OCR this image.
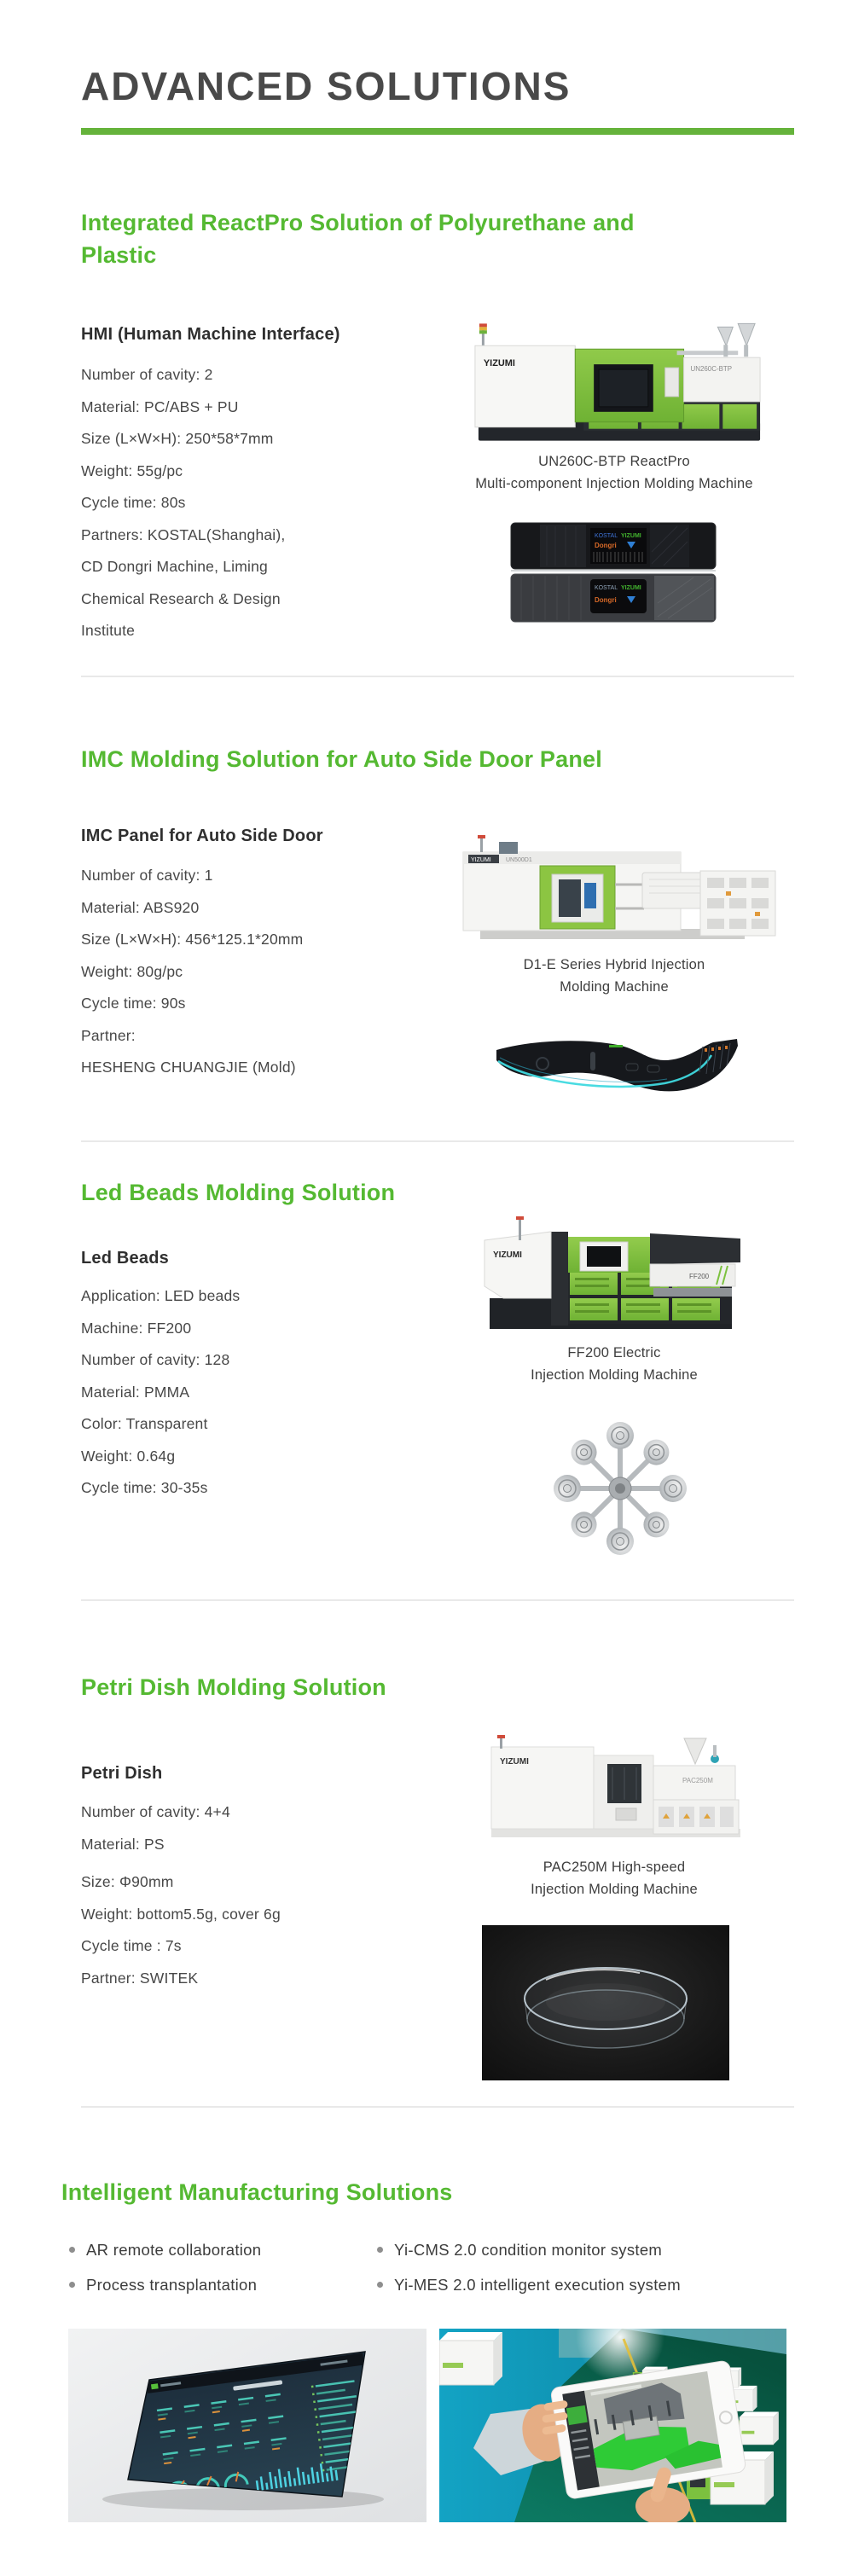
ADVANCED SOLUTIONS
Integrated ReactPro Solution of Polyurethane and Plastic
HMI (Human Machine Interface)
Number of cavity: 2
Material: PC/ABS + PU
Size (L×W×H): 250*58*7mm
Weight: 55g/pc
Cycle time: 80s
Partners: KOSTAL(Shanghai),
CD Dongri Machine, Liming
Chemical Research & Design
Institute
YIZUMI
UN260C-BTP
UN260C-BTP ReactPro
Multi-component Injection Molding Machine
KOSTAL YIZUMI
Dongri
KOSTAL YIZUMI
Dongri
IMC Molding Solution for Auto Side Door Panel
IMC Panel for Auto Side Door
Number of cavity: 1
Material: ABS920
Size (L×W×H): 456*125.1*20mm
Weight: 80g/pc
Cycle time: 90s
Partner:
HESHENG CHUANGJIE (Mold)
YIZUMI UN500D1
D1-E Series Hybrid Injection
Molding Machine
Led Beads Molding Solution
Led Beads
Application: LED beads
Machine: FF200
Number of cavity: 128
Material: PMMA
Color: Transparent
Weight: 0.64g
Cycle time: 30-35s
YIZUMI
FF200
FF200 Electric
Injection Molding Machine
Petri Dish Molding Solution
Petri Dish
Number of cavity: 4+4
Material: PS
Size: Φ90mm
Weight: bottom5.5g, cover 6g
Cycle time : 7s
Partner: SWITEK
YIZUMI
PAC250M
PAC250M High-speed
Injection Molding Machine
Intelligent Manufacturing Solutions
AR remote collaboration
Process transplantation
Yi-CMS 2.0 condition monitor system
Yi-MES 2.0 intelligent execution system
